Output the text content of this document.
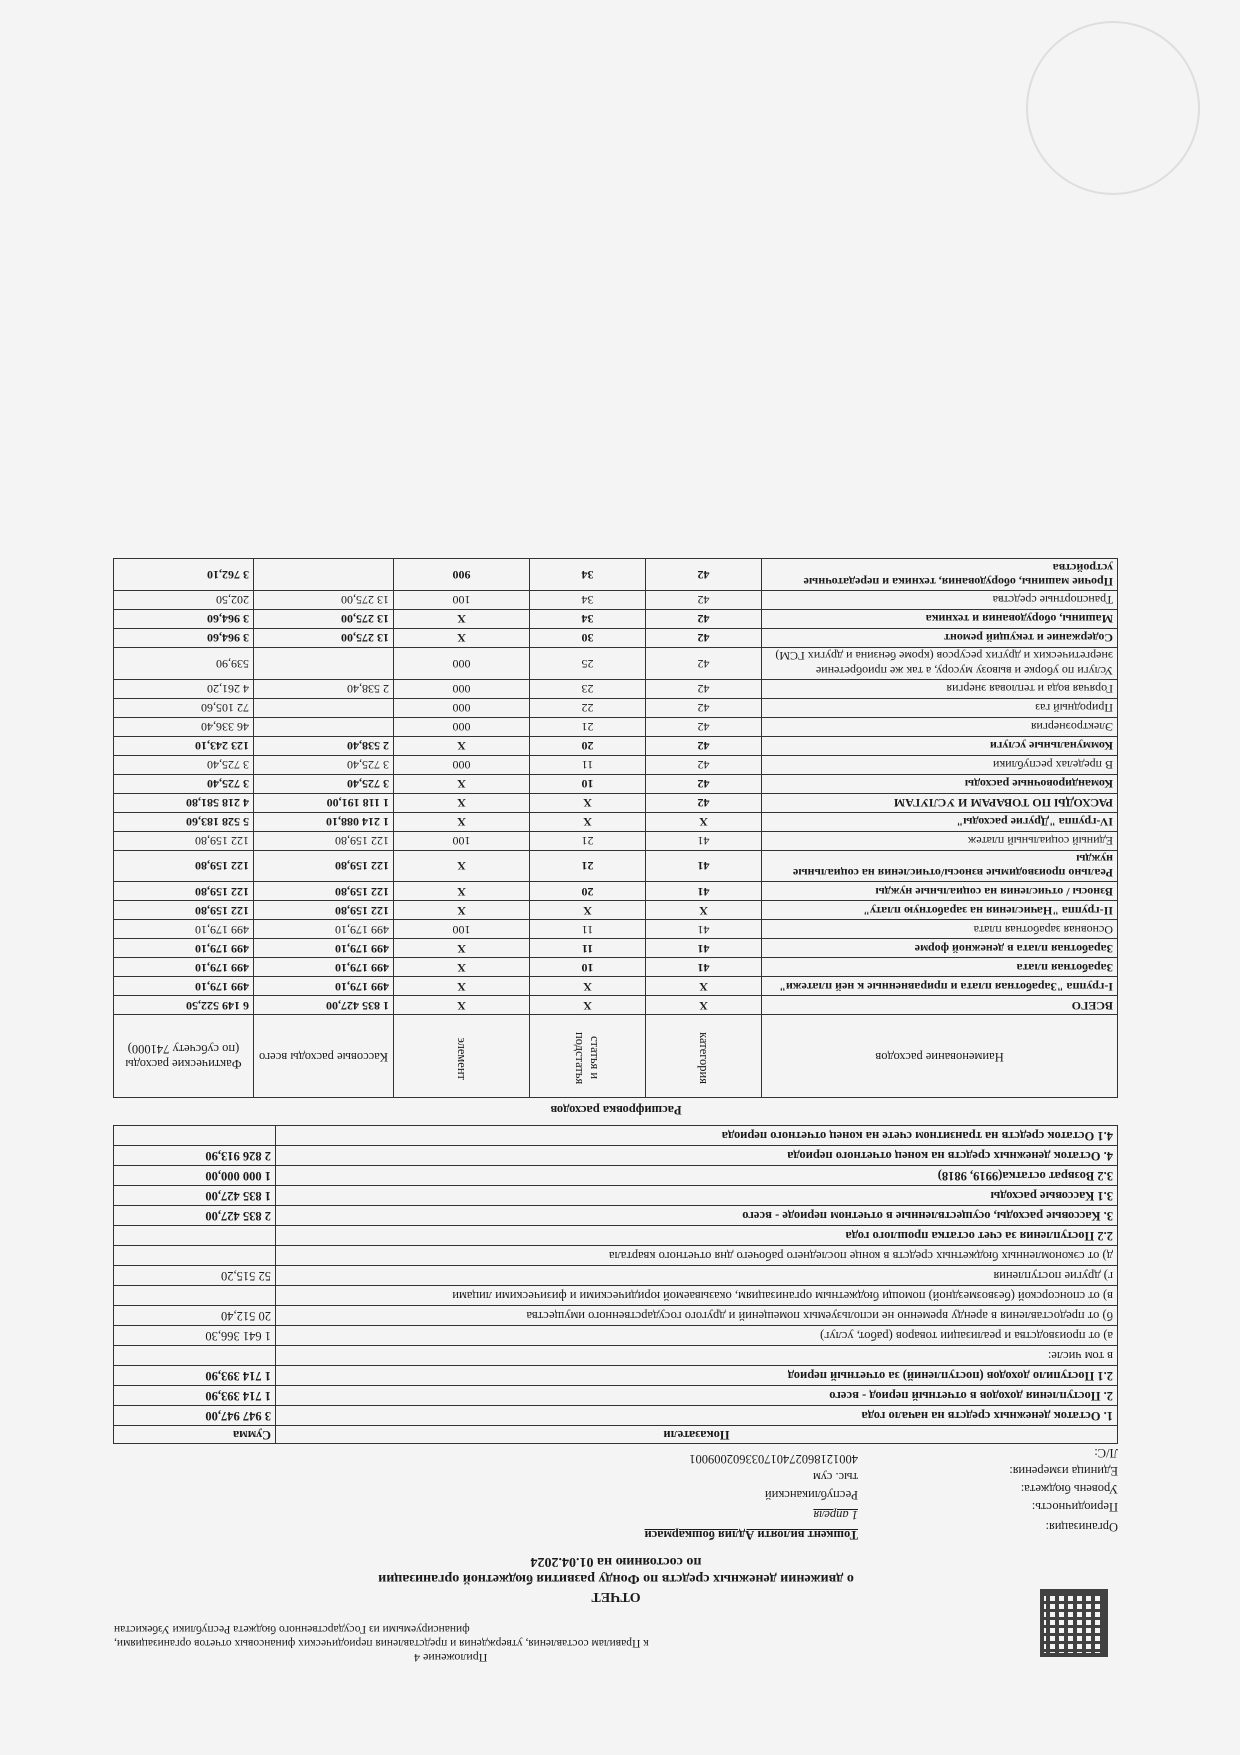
Приложение 4
к Правилам составления, утверждения и представления периодических финансовых отчетов организациями, финансируемыми из Государственного бюджета Республики Узбекистан
ОТЧЕТ
о движении денежных средств по Фонду развития бюджетной организации
по состоянию на 01.04.2024
Организация:
Тошкент вилояти Адлия бошкармаси
Периодичность:
1 апреля
Уровень бюджета:
Республиканский
Единица измерения:
тыс. сум
Л/С:
400121860274017033602009001
Показатели	Сумма
1. Остаток денежных средств на начало года	3 947 947,00
2. Поступления доходов в отчетный период - всего	1 714 393,90
2.1 Поступило доходов (поступлений) за отчетный период	1 714 393,90
в том числе:	
а) от производства и реализации товаров (работ, услуг)	1 641 366,30
б) от предоставления в аренду временно не используемых помещений и другого государственного имущества	20 512,40
в) от спонсорской (безвозмездной) помощи бюджетным организациям, оказываемой юридическими и физическими лицами	
г) другие поступления	52 515,20
д) от сэкономленных бюджетных средств в конце последнего рабочего дня отчетного квартала	
2.2 Поступления за счет остатка прошлого года	
3. Кассовые расходы, осуществленные в отчетном периоде - всего	2 835 427,00
3.1 Кассовые расходы	1 835 427,00
3.2 Возврат остатка(9919, 9818)	1 000 000,00
4. Остаток денежных средств на конец отчетного периода	2 826 913,90
4.1 Остаток средств на транзитном счете на конец отчетного периода	
Расшифровка расходов
Наименование расходов	категория	статья и подстатья	элемент	Кассовые расходы всего	Фактические расходы (по субсчету 741000)
ВСЕГО	Х	Х	Х	1 835 427,00	6 149 522,50
I-группа "Заработная плата и приравненные к ней платежи"	Х	Х	Х	499 179,10	499 179,10
Заработная плата	41	10	Х	499 179,10	499 179,10
Заработная плата в денежной форме	41	11	Х	499 179,10	499 179,10
Основная заработная плата	41	11	100	499 179,10	499 179,10
II-группа "Начисления на заработную плату"	Х	Х	Х	122 159,80	122 159,80
Взносы / отчисления на социальные нужды	41	20	Х	122 159,80	122 159,80
Реально производимые взносы/отчисления на социальные нужды	41	21	Х	122 159,80	122 159,80
Единый социальный платеж	41	21	100	122 159,80	122 159,80
IV-группа "Другие расходы"	Х	Х	Х	1 214 088,10	5 528 183,60
РАСХОДЫ ПО ТОВАРАМ И УСЛУГАМ	42	Х	Х	1 118 191,00	4 218 581,80
Командировочные расходы	42	10	Х	3 725,40	3 725,40
В пределах республики	42	11	000	3 725,40	3 725,40
Коммунальные услуги	42	20	Х	2 538,40	123 243,10
Электроэнергия	42	21	000		46 336,40
Природный газ	42	22	000		72 105,60
Горячая вода и тепловая энергия	42	23	000	2 538,40	4 261,20
Услуги по уборке и вывозу мусору, а так же приобретение энергетических и других ресурсов (кроме бензина и других ГСМ)	42	25	000		539,90
Содержание и текущий ремонт	42	30	Х	13 275,00	3 964,60
Машины, оборудования и техника	42	34	Х	13 275,00	3 964,60
Транспортные средства	42	34	100	13 275,00	202,50
Прочие машины, оборудования, техника и передаточные устройства	42	34	900		3 762,10
